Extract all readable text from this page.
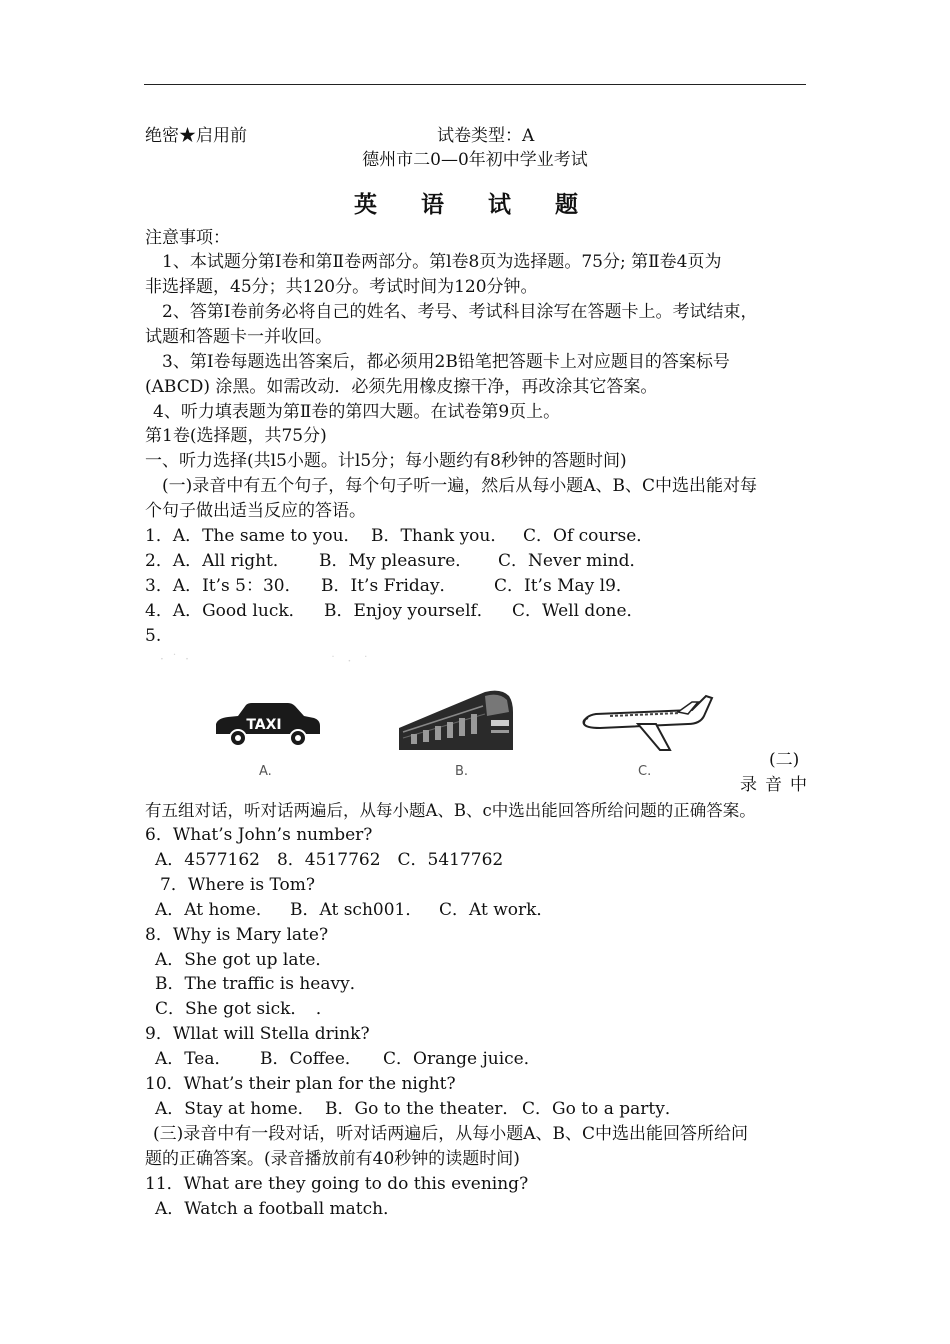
绝密★启用前	试卷类型：A
德州市二0—0年初中学业考试
英 语 试 题
注意事项：
1、本试题分第I卷和第Ⅱ卷两部分。第l卷8页为选择题。75分; 第Ⅱ卷4页为
非选择题，45分；共120分。考试时间为120分钟。
2、答第I卷前务必将自己的姓名、考号、考试科目涂写在答题卡上。考试结束，
试题和答题卡一并收回。
3、第I卷每题选出答案后，都必须用2B铅笔把答题卡上对应题目的答案标号
(ABCD) 涂黑。如需改动．必须先用橡皮擦干净，再改涂其它答案。
4、听力填表题为第Ⅱ卷的第四大题。在试卷第9页上。
第1卷(选择题，共75分)
一、听力选择(共l5小题。计l5分；每小题约有8秒钟的答题时间)
(一)录音中有五个句子，每个句子听一遍，然后从每小题A、B、C中选出能对每
个句子做出适当反应的答语。
1．A．The same to you． B．Thank you． C．Of course．
2．A．All right． B．My pleasure． C．Never mind．
3．A．It’s 5：30． B．It’s Friday． C．It’s May l9．
4．A．Good luck． B．Enjoy yourself． C．Well done．
5.
·  ˙  ·	˙   ·   ˙
TAXI
A.	B.	C.
(二)
录音中
有五组对话，听对话两遍后，从每小题A、B、c中选出能回答所给问题的正确答案。
6．What’s John’s number?
A．4577162　8．4517762　C．5417762
7．Where is Tom?
A．At home． B．At sch001． C．At work．
8．Why is Mary late?
A．She got up late．
B．The traffic is heavy．
C．She got sick．　．
9．Wllat will Stella drink?
A．Tea． B．Coffee． C．Orange juice．
10．What’s their plan for the night?
A．Stay at home． B．Go to the theater． C．Go to a party．
(三)录音中有一段对话，听对话两遍后，从每小题A、B、C中选出能回答所给问
题的正确答案。(录音播放前有40秒钟的读题时间)
11．What are they going to do this evening?
A．Watch a football match．
